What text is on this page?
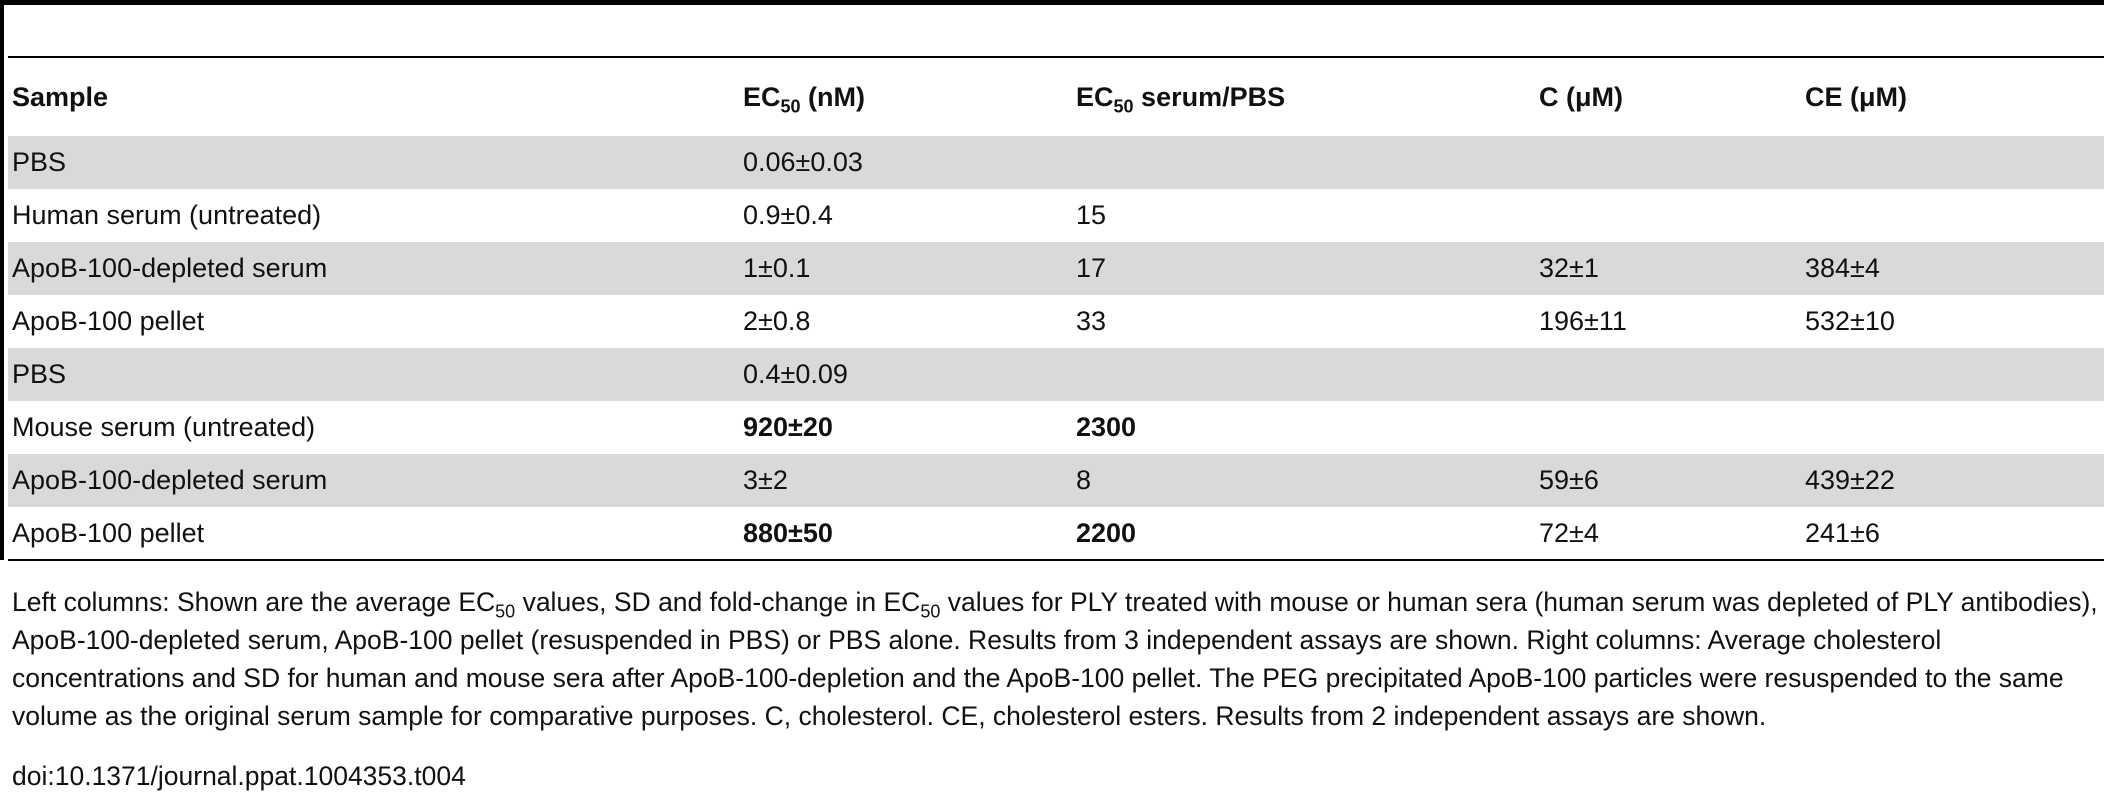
Sample	$EC_{50}$ (nM)	$EC_{50}$ serum/PBS	C (μM)	CE (μM)
PBS	0.06±0.03			
Human serum (untreated)	0.9±0.4	15		
ApoB-100-depleted serum	1±0.1	17	32±1	384±4
ApoB-100 pellet	2±0.8	33	196±11	532±10
PBS	0.4±0.09			
Mouse serum (untreated)	920±20	2300		
ApoB-100-depleted serum	3±2	8	59±6	439±22
ApoB-100 pellet	880±50	2200	72±4	241±6
Left columns: Shown are the average $EC_{50}$ values, SD and fold-change in $EC_{50}$ values for PLY treated with mouse or human sera (human serum was depleted of PLY antibodies), ApoB-100-depleted serum, ApoB-100 pellet (resuspended in PBS) or PBS alone. Results from 3 independent assays are shown. Right columns: Average cholesterol concentrations and SD for human and mouse sera after ApoB-100-depletion and the ApoB-100 pellet. The PEG precipitated ApoB-100 particles were resuspended to the same volume as the original serum sample for comparative purposes. C, cholesterol. CE, cholesterol esters. Results from 2 independent assays are shown.
doi:10.1371/journal.ppat.1004353.t004
